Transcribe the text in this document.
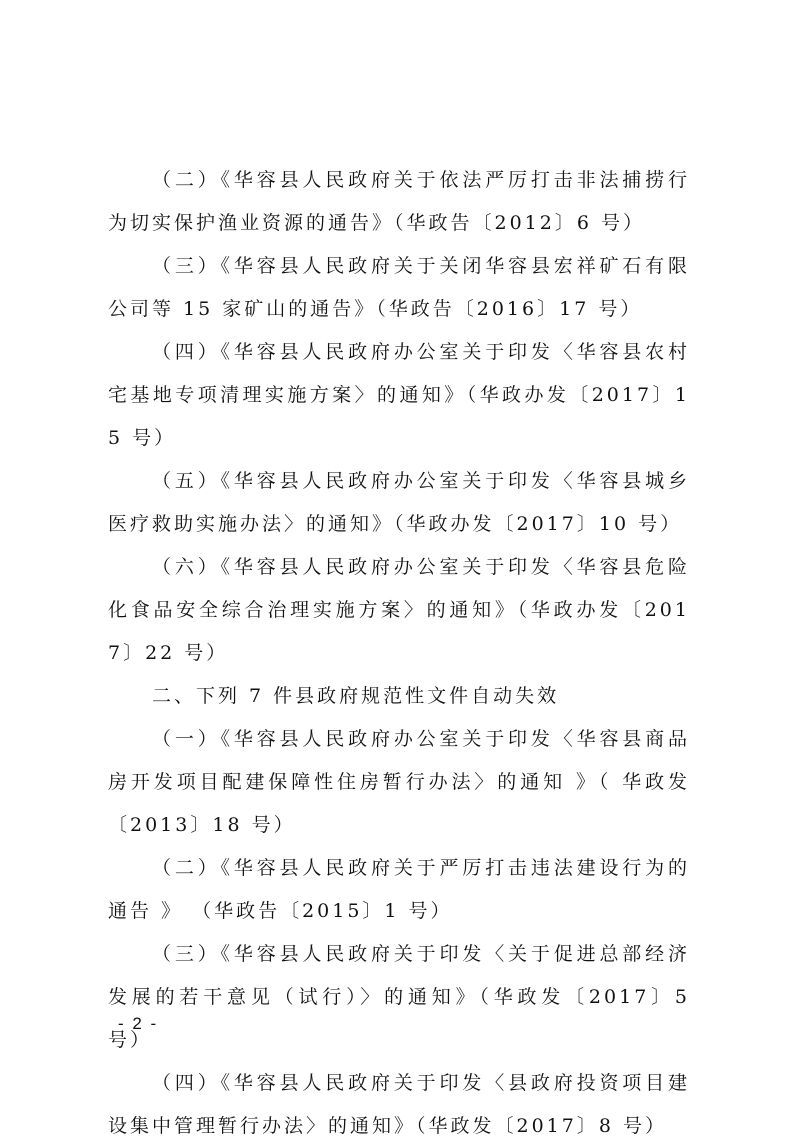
（二）《华容县人民政府关于依法严厉打击非法捕捞行为切实保护渔业资源的通告》（华政告〔2012〕6 号）

（三）《华容县人民政府关于关闭华容县宏祥矿石有限公司等 15 家矿山的通告》（华政告〔2016〕17 号）

（四）《华容县人民政府办公室关于印发〈华容县农村宅基地专项清理实施方案〉的通知》（华政办发〔2017〕15 号）

（五）《华容县人民政府办公室关于印发〈华容县城乡医疗救助实施办法〉的通知》（华政办发〔2017〕10 号）

（六）《华容县人民政府办公室关于印发〈华容县危险化食品安全综合治理实施方案〉的通知》（华政办发〔2017〕22 号）

二、下列 7 件县政府规范性文件自动失效

（一）《华容县人民政府办公室关于印发〈华容县商品房开发项目配建保障性住房暂行办法〉的通知 》（ 华政发〔2013〕18 号）

（二）《华容县人民政府关于严厉打击违法建设行为的通告 》 （华政告〔2015〕1 号）

（三）《华容县人民政府关于印发〈关于促进总部经济发展的若干意见（试行）〉的通知》（华政发〔2017〕5 号）

（四）《华容县人民政府关于印发〈县政府投资项目建设集中管理暂行办法〉的通知》（华政发〔2017〕8 号）

- 2 -
